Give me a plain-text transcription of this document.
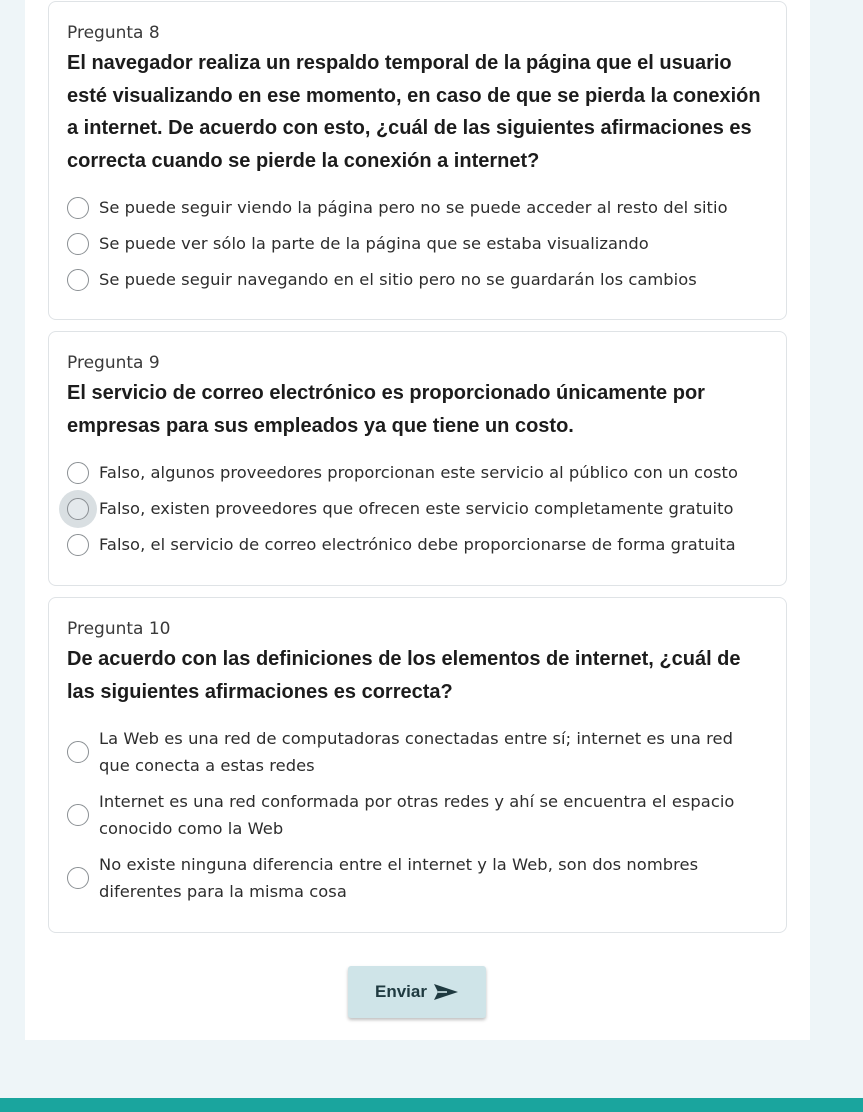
Pregunta 8
El navegador realiza un respaldo temporal de la página que el usuario esté visualizando en ese momento, en caso de que se pierda la conexión a internet. De acuerdo con esto, ¿cuál de las siguientes afirmaciones es correcta cuando se pierde la conexión a internet?
Se puede seguir viendo la página pero no se puede acceder al resto del sitio
Se puede ver sólo la parte de la página que se estaba visualizando
Se puede seguir navegando en el sitio pero no se guardarán los cambios
Pregunta 9
El servicio de correo electrónico es proporcionado únicamente por empresas para sus empleados ya que tiene un costo.
Falso, algunos proveedores proporcionan este servicio al público con un costo
Falso, existen proveedores que ofrecen este servicio completamente gratuito
Falso, el servicio de correo electrónico debe proporcionarse de forma gratuita
Pregunta 10
De acuerdo con las definiciones de los elementos de internet, ¿cuál de las siguientes afirmaciones es correcta?
La Web es una red de computadoras conectadas entre sí; internet es una red que conecta a estas redes
Internet es una red conformada por otras redes y ahí se encuentra el espacio conocido como la Web
No existe ninguna diferencia entre el internet y la Web, son dos nombres diferentes para la misma cosa
Enviar
